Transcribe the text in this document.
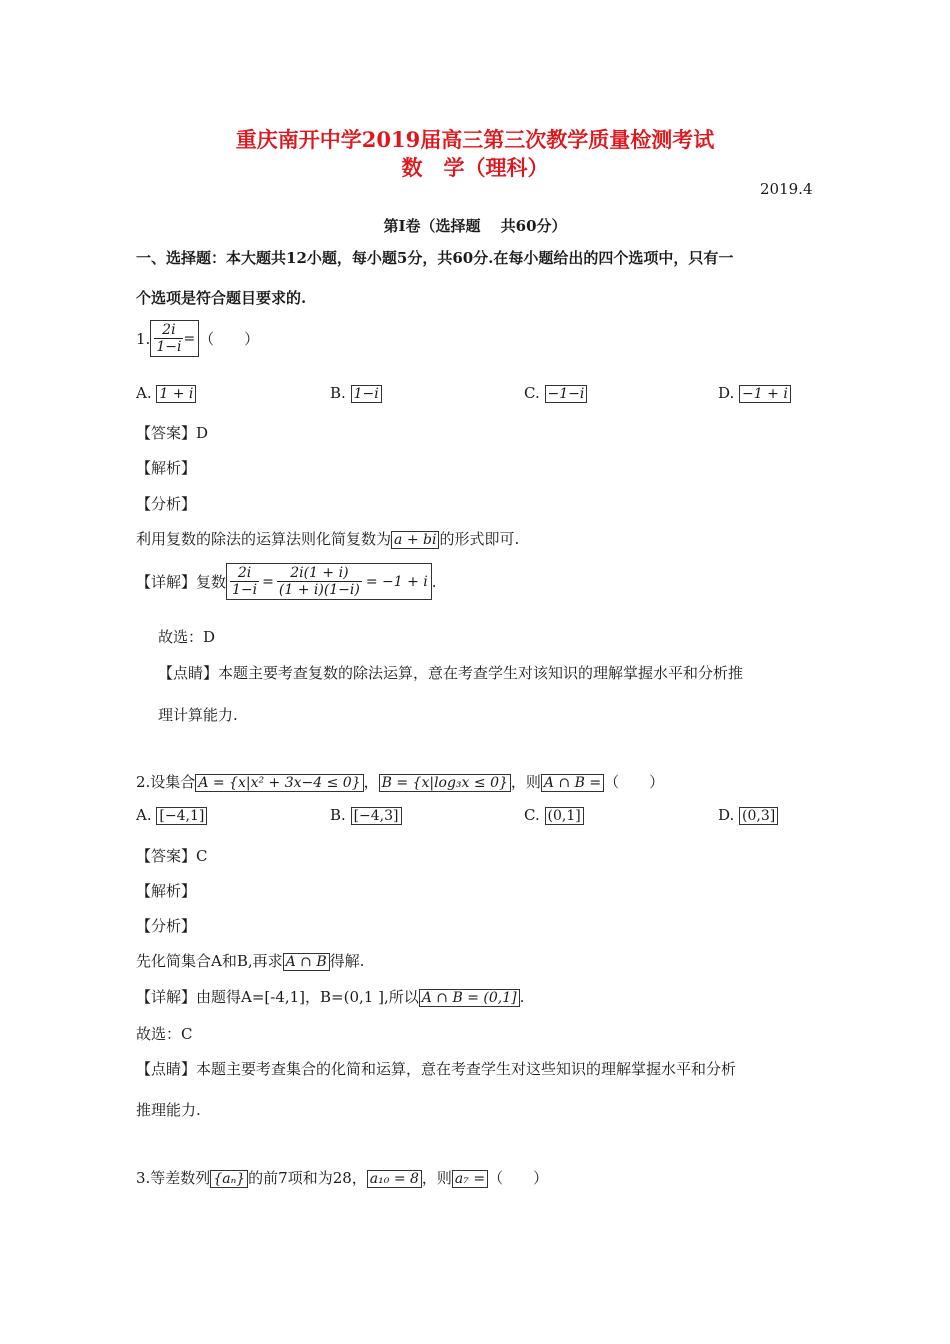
重庆南开中学2019届高三第三次教学质量检测考试
数　学（理科）
2019.4
第Ⅰ卷（选择题　 共60分）
一、选择题：本大题共12小题，每小题5分，共60分.在每小题给出的四个选项中，只有一
个选项是符合题目要求的.
1. $\frac{2i}{1-i}$ = （　　）
A. 1 + i	B. 1−i	C. −1−i	D. −1 + i
【答案】D
【解析】
【分析】
利用复数的除法的运算法则化简复数为 a + bi 的形式即可.
【详解】复数 $\frac{2i}{1-i} = \frac{2i(1 + i)}{(1 + i)(1-i)} = -1 + i$ .
故选：D
【点睛】本题主要考查复数的除法运算，意在考查学生对该知识的理解掌握水平和分析推
理计算能力.
2.设集合 A = {x|x² + 3x−4 ≤ 0} ， B = {x|log₃x ≤ 0} ，则 A ∩ B = （　　）
A. [−4,1]	B. [−4,3]	C. (0,1]	D. (0,3]
【答案】C
【解析】
【分析】
先化简集合A和B,再求 A ∩ B 得解.
【详解】由题得A=[-4,1]，B=(0,1 ],所以 A ∩ B = (0,1] .
故选：C
【点睛】本题主要考查集合的化简和运算，意在考查学生对这些知识的理解掌握水平和分析
推理能力.
3.等差数列 {aₙ} 的前7项和为28， a₁₀ = 8 ，则 a₇ = （　　）
